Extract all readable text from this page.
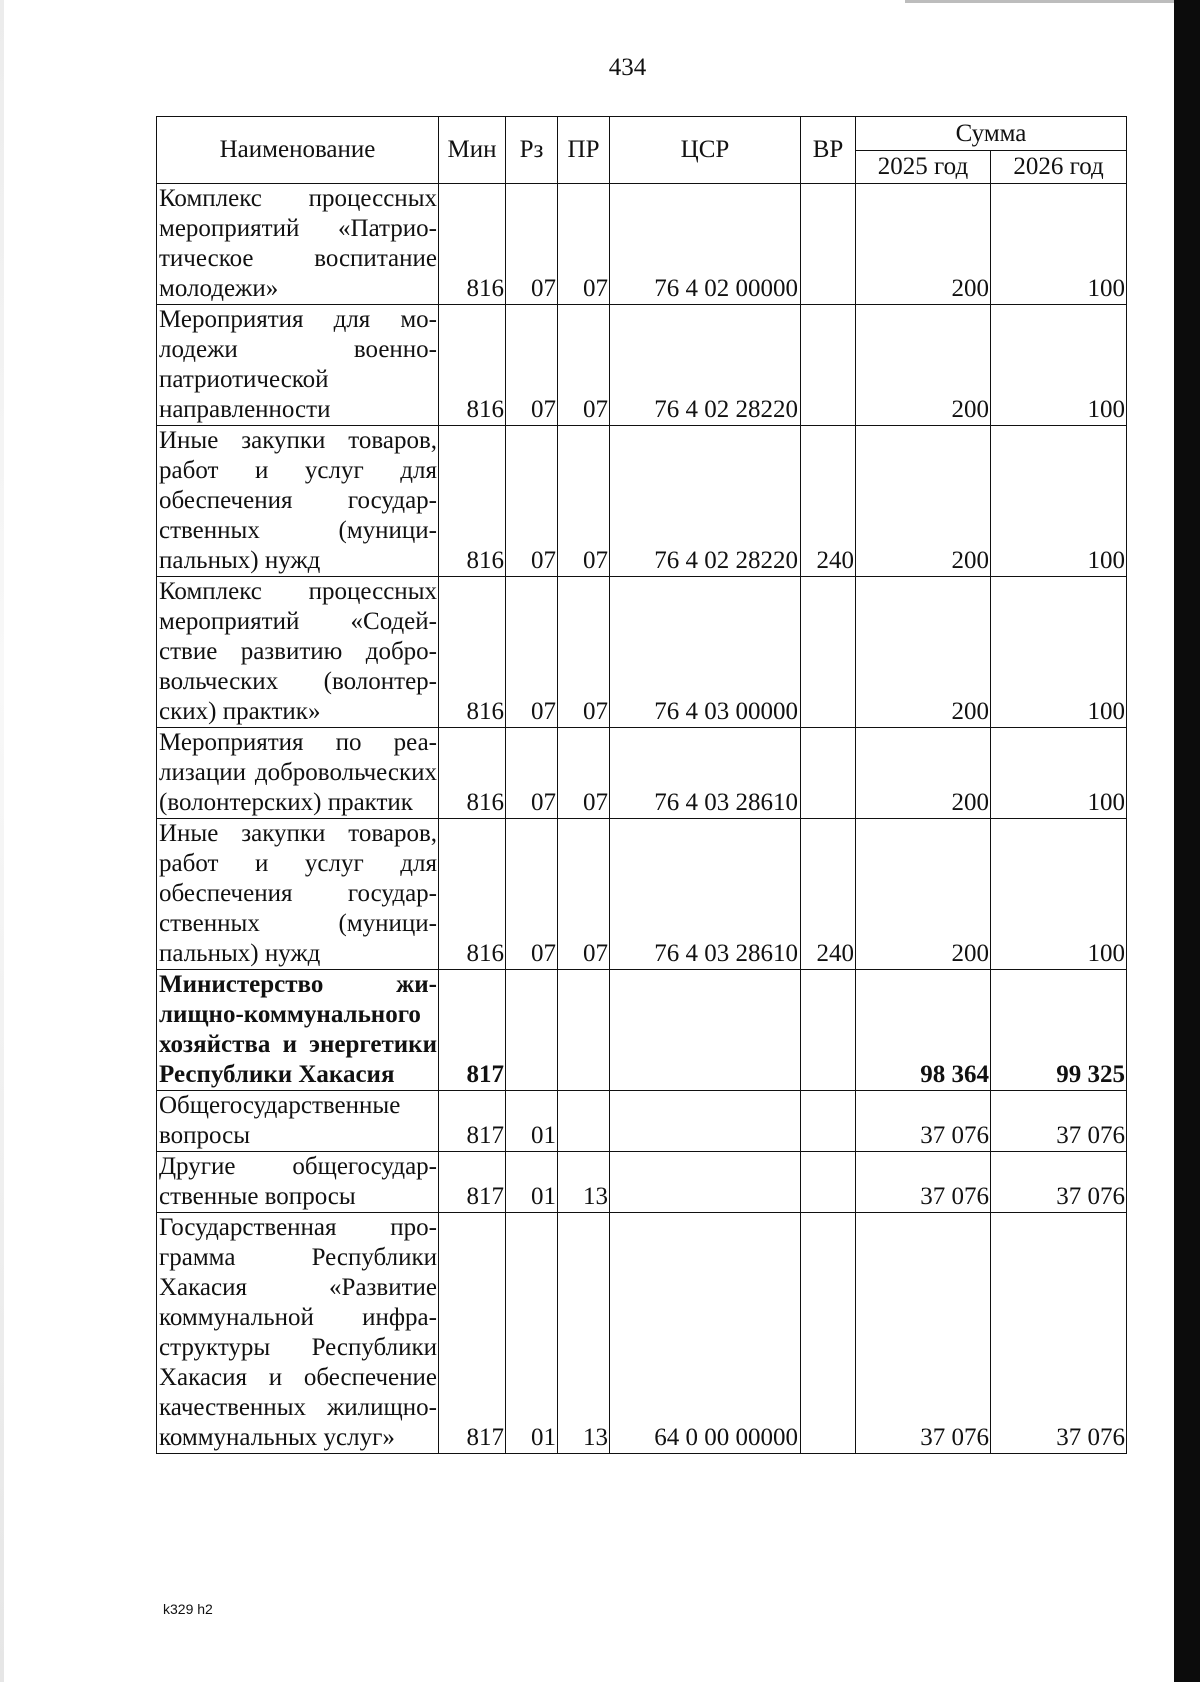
434
Наименование	Мин	Рз	ПР	ЦСР	ВР	Сумма	
						2025 год	2026 год
Комплекс процессных мероприятий «Патриотическое воспитание молодежи»	816	07	07	76 4 02 00000		200	100
Мероприятия для молодежи военно-патриотической направленности	816	07	07	76 4 02 28220		200	100
Иные закупки товаров, работ и услуг для обеспечения государственных (муниципальных) нужд	816	07	07	76 4 02 28220	240	200	100
Комплекс процессных мероприятий «Содействие развитию добровольческих (волонтерских) практик»	816	07	07	76 4 03 00000		200	100
Мероприятия по реализации добровольческих (волонтерских) практик	816	07	07	76 4 03 28610		200	100
Иные закупки товаров, работ и услуг для обеспечения государственных (муниципальных) нужд	816	07	07	76 4 03 28610	240	200	100
Министерство жилищно-коммунального хозяйства и энергетики Республики Хакасия	817					98 364	99 325
Общегосударственные вопросы	817	01				37 076	37 076
Другие общегосударственные вопросы	817	01	13			37 076	37 076
Государственная программа Республики Хакасия «Развитие коммунальной инфраструктуры Республики Хакасия и обеспечение качественных жилищно-коммунальных услуг»	817	01	13	64 0 00 00000		37 076	37 076
k329 h2
